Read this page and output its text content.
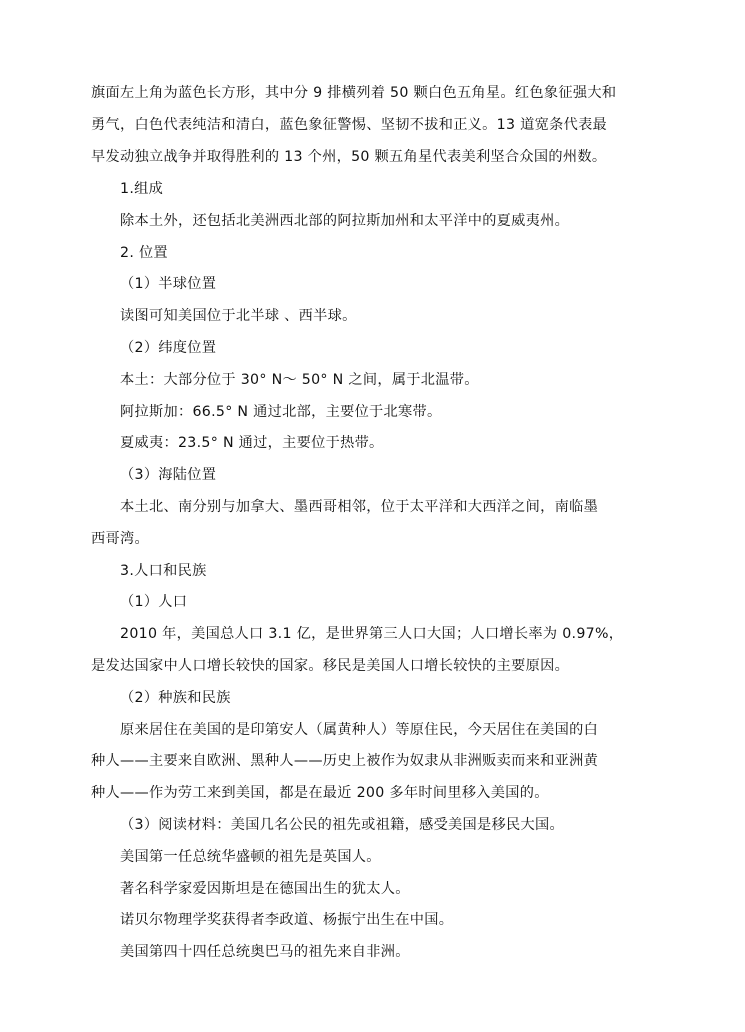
旗面左上角为蓝色长方形，其中分 9 排横列着 50 颗白色五角星。红色象征强大和
勇气，白色代表纯洁和清白，蓝色象征警惕、坚韧不拔和正义。13 道宽条代表最
早发动独立战争并取得胜利的 13 个州，50 颗五角星代表美利坚合众国的州数。
1.组成
除本土外，还包括北美洲西北部的阿拉斯加州和太平洋中的夏威夷州。
2. 位置
（1）半球位置
读图可知美国位于北半球 、西半球。
（2）纬度位置
本土：大部分位于 30° N～ 50° N 之间，属于北温带。
阿拉斯加：66.5° N 通过北部，主要位于北寒带。
夏威夷：23.5° N 通过，主要位于热带。
（3）海陆位置
本土北、南分别与加拿大、墨西哥相邻，位于太平洋和大西洋之间，南临墨
西哥湾。
3.人口和民族
（1）人口
2010 年，美国总人口 3.1 亿，是世界第三人口大国；人口增长率为 0.97%，
是发达国家中人口增长较快的国家。移民是美国人口增长较快的主要原因。
（2）种族和民族
原来居住在美国的是印第安人（属黄种人）等原住民，今天居住在美国的白
种人——主要来自欧洲、黑种人——历史上被作为奴隶从非洲贩卖而来和亚洲黄
种人——作为劳工来到美国，都是在最近 200 多年时间里移入美国的。
（3）阅读材料：美国几名公民的祖先或祖籍，感受美国是移民大国。
美国第一任总统华盛顿的祖先是英国人。
著名科学家爱因斯坦是在德国出生的犹太人。
诺贝尔物理学奖获得者李政道、杨振宁出生在中国。
美国第四十四任总统奥巴马的祖先来自非洲。
